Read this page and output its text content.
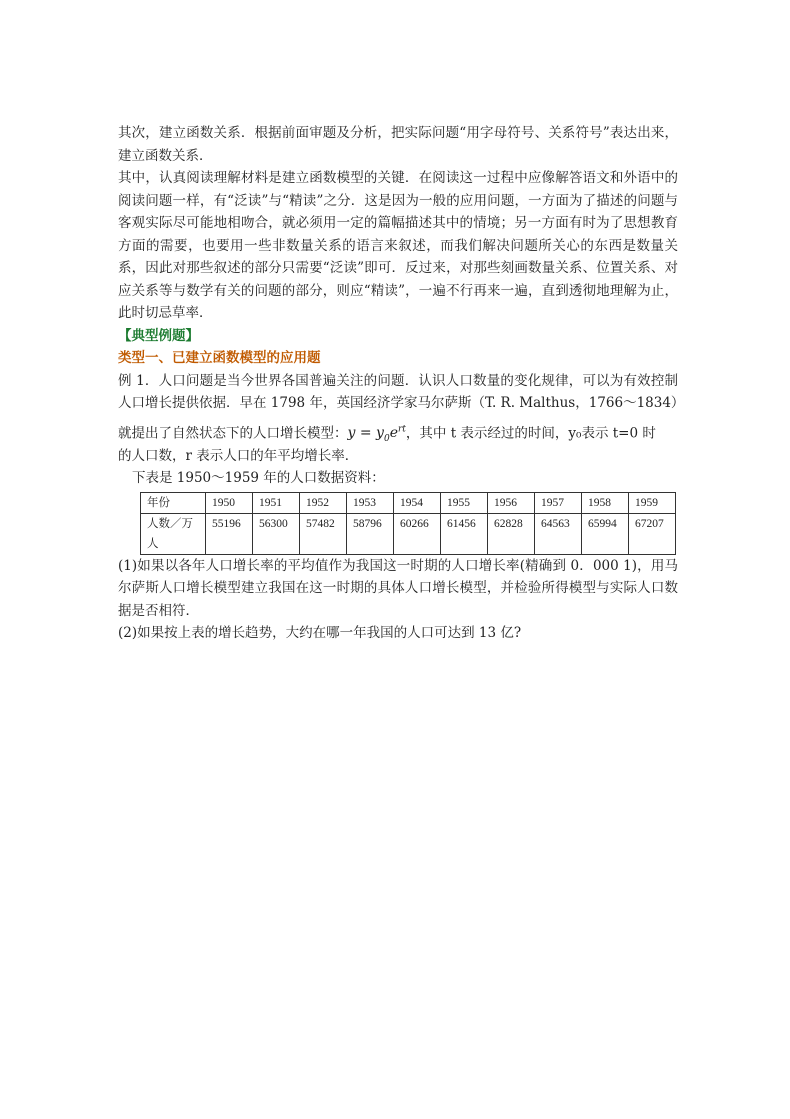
其次，建立函数关系．根据前面审题及分析，把实际问题“用字母符号、关系符号”表达出来，建立函数关系．

其中，认真阅读理解材料是建立函数模型的关键．在阅读这一过程中应像解答语文和外语中的阅读问题一样，有“泛读”与“精读”之分．这是因为一般的应用问题，一方面为了描述的问题与客观实际尽可能地相吻合，就必须用一定的篇幅描述其中的情境；另一方面有时为了思想教育方面的需要，也要用一些非数量关系的语言来叙述，而我们解决问题所关心的东西是数量关系，因此对那些叙述的部分只需要“泛读”即可．反过来，对那些刻画数量关系、位置关系、对应关系等与数学有关的问题的部分，则应“精读”，一遍不行再来一遍，直到透彻地理解为止，此时切忌草率．

【典型例题】

类型一、已建立函数模型的应用题

例 1．人口问题是当今世界各国普遍关注的问题．认识人口数量的变化规律，可以为有效控制人口增长提供依据．早在 1798 年，英国经济学家马尔萨斯（T. R. Malthus，1766～1834）

就提出了自然状态下的人口增长模型：$y = y_0e^{rt}$，其中 t 表示经过的时间，y₀表示 t=0 时

的人口数，r 表示人口的年平均增长率．

下表是 1950～1959 年的人口数据资料：

年份	1950	1951	1952	1953	1954	1955	1956	1957	1958	1959
人数／万人	55196	56300	57482	58796	60266	61456	62828	64563	65994	67207

(1)如果以各年人口增长率的平均值作为我国这一时期的人口增长率(精确到 0．000 1)，用马尔萨斯人口增长模型建立我国在这一时期的具体人口增长模型，并检验所得模型与实际人口数据是否相符．

(2)如果按上表的增长趋势，大约在哪一年我国的人口可达到 13 亿?
